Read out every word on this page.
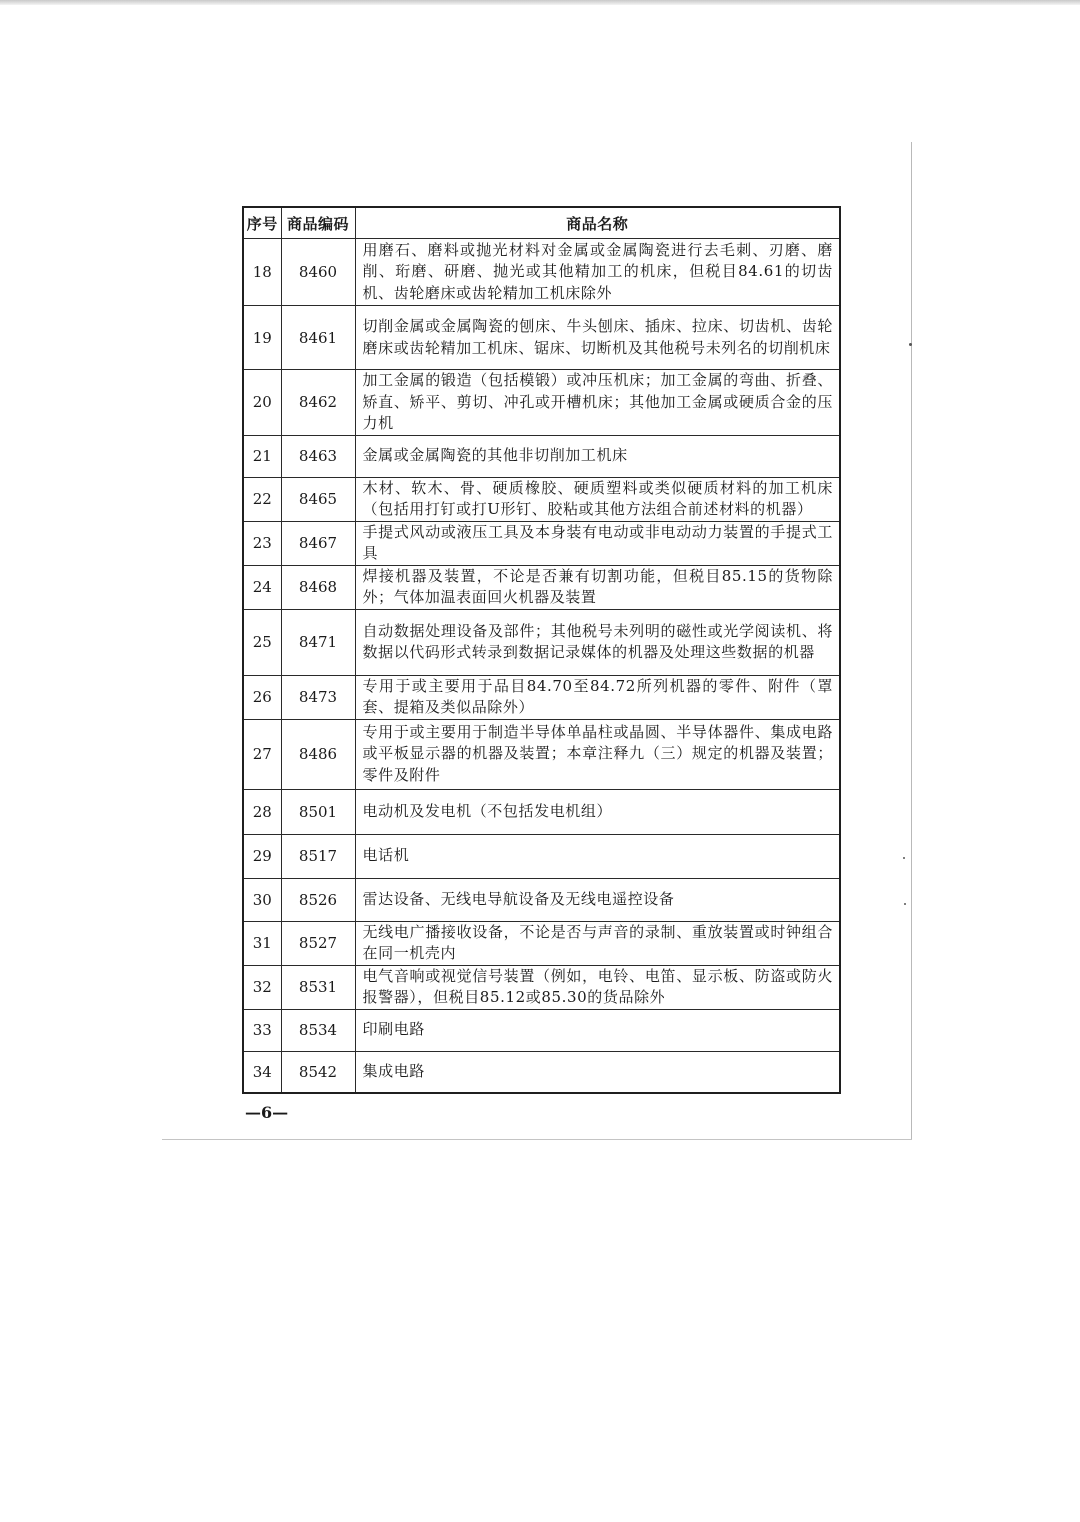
序号	商品编码	商品名称
18	8460	用磨石、磨料或抛光材料对金属或金属陶瓷进行去毛刺、刃磨、磨削、珩磨、研磨、抛光或其他精加工的机床，但税目84.61的切齿机、齿轮磨床或齿轮精加工机床除外
19	8461	切削金属或金属陶瓷的刨床、牛头刨床、插床、拉床、切齿机、齿轮磨床或齿轮精加工机床、锯床、切断机及其他税号未列名的切削机床
20	8462	加工金属的锻造（包括模锻）或冲压机床；加工金属的弯曲、折叠、矫直、矫平、剪切、冲孔或开槽机床；其他加工金属或硬质合金的压力机
21	8463	金属或金属陶瓷的其他非切削加工机床
22	8465	木材、软木、骨、硬质橡胶、硬质塑料或类似硬质材料的加工机床（包括用打钉或打U形钉、胶粘或其他方法组合前述材料的机器）
23	8467	手提式风动或液压工具及本身装有电动或非电动动力装置的手提式工具
24	8468	焊接机器及装置，不论是否兼有切割功能，但税目85.15的货物除外；气体加温表面回火机器及装置
25	8471	自动数据处理设备及部件；其他税号未列明的磁性或光学阅读机、将数据以代码形式转录到数据记录媒体的机器及处理这些数据的机器
26	8473	专用于或主要用于品目84.70至84.72所列机器的零件、附件（罩套、提箱及类似品除外）
27	8486	专用于或主要用于制造半导体单晶柱或晶圆、半导体器件、集成电路或平板显示器的机器及装置；本章注释九（三）规定的机器及装置；零件及附件
28	8501	电动机及发电机（不包括发电机组）
29	8517	电话机
30	8526	雷达设备、无线电导航设备及无线电遥控设备
31	8527	无线电广播接收设备，不论是否与声音的录制、重放装置或时钟组合在同一机壳内
32	8531	电气音响或视觉信号装置（例如，电铃、电笛、显示板、防盗或防火报警器），但税目85.12或85.30的货品除外
33	8534	印刷电路
34	8542	集成电路
—6—
